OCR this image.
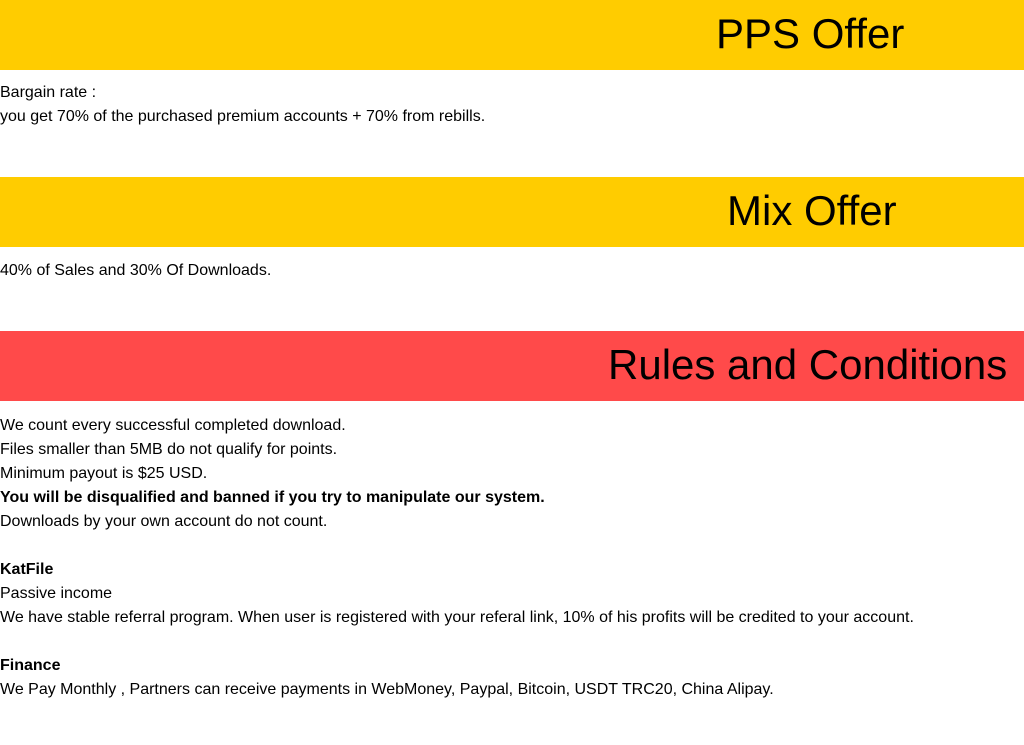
PPS Offer
Bargain rate :
you get 70% of the purchased premium accounts + 70% from rebills.
Mix Offer
40% of Sales and 30% Of Downloads.
Rules and Conditions
We count every successful completed download.
Files smaller than 5MB do not qualify for points.
Minimum payout is $25 USD.
You will be disqualified and banned if you try to manipulate our system.
Downloads by your own account do not count.
KatFile
Passive income
We have stable referral program. When user is registered with your referal link, 10% of his profits will be credited to your account.
Finance
We Pay Monthly , Partners can receive payments in WebMoney, Paypal, Bitcoin, USDT TRC20, China Alipay.
